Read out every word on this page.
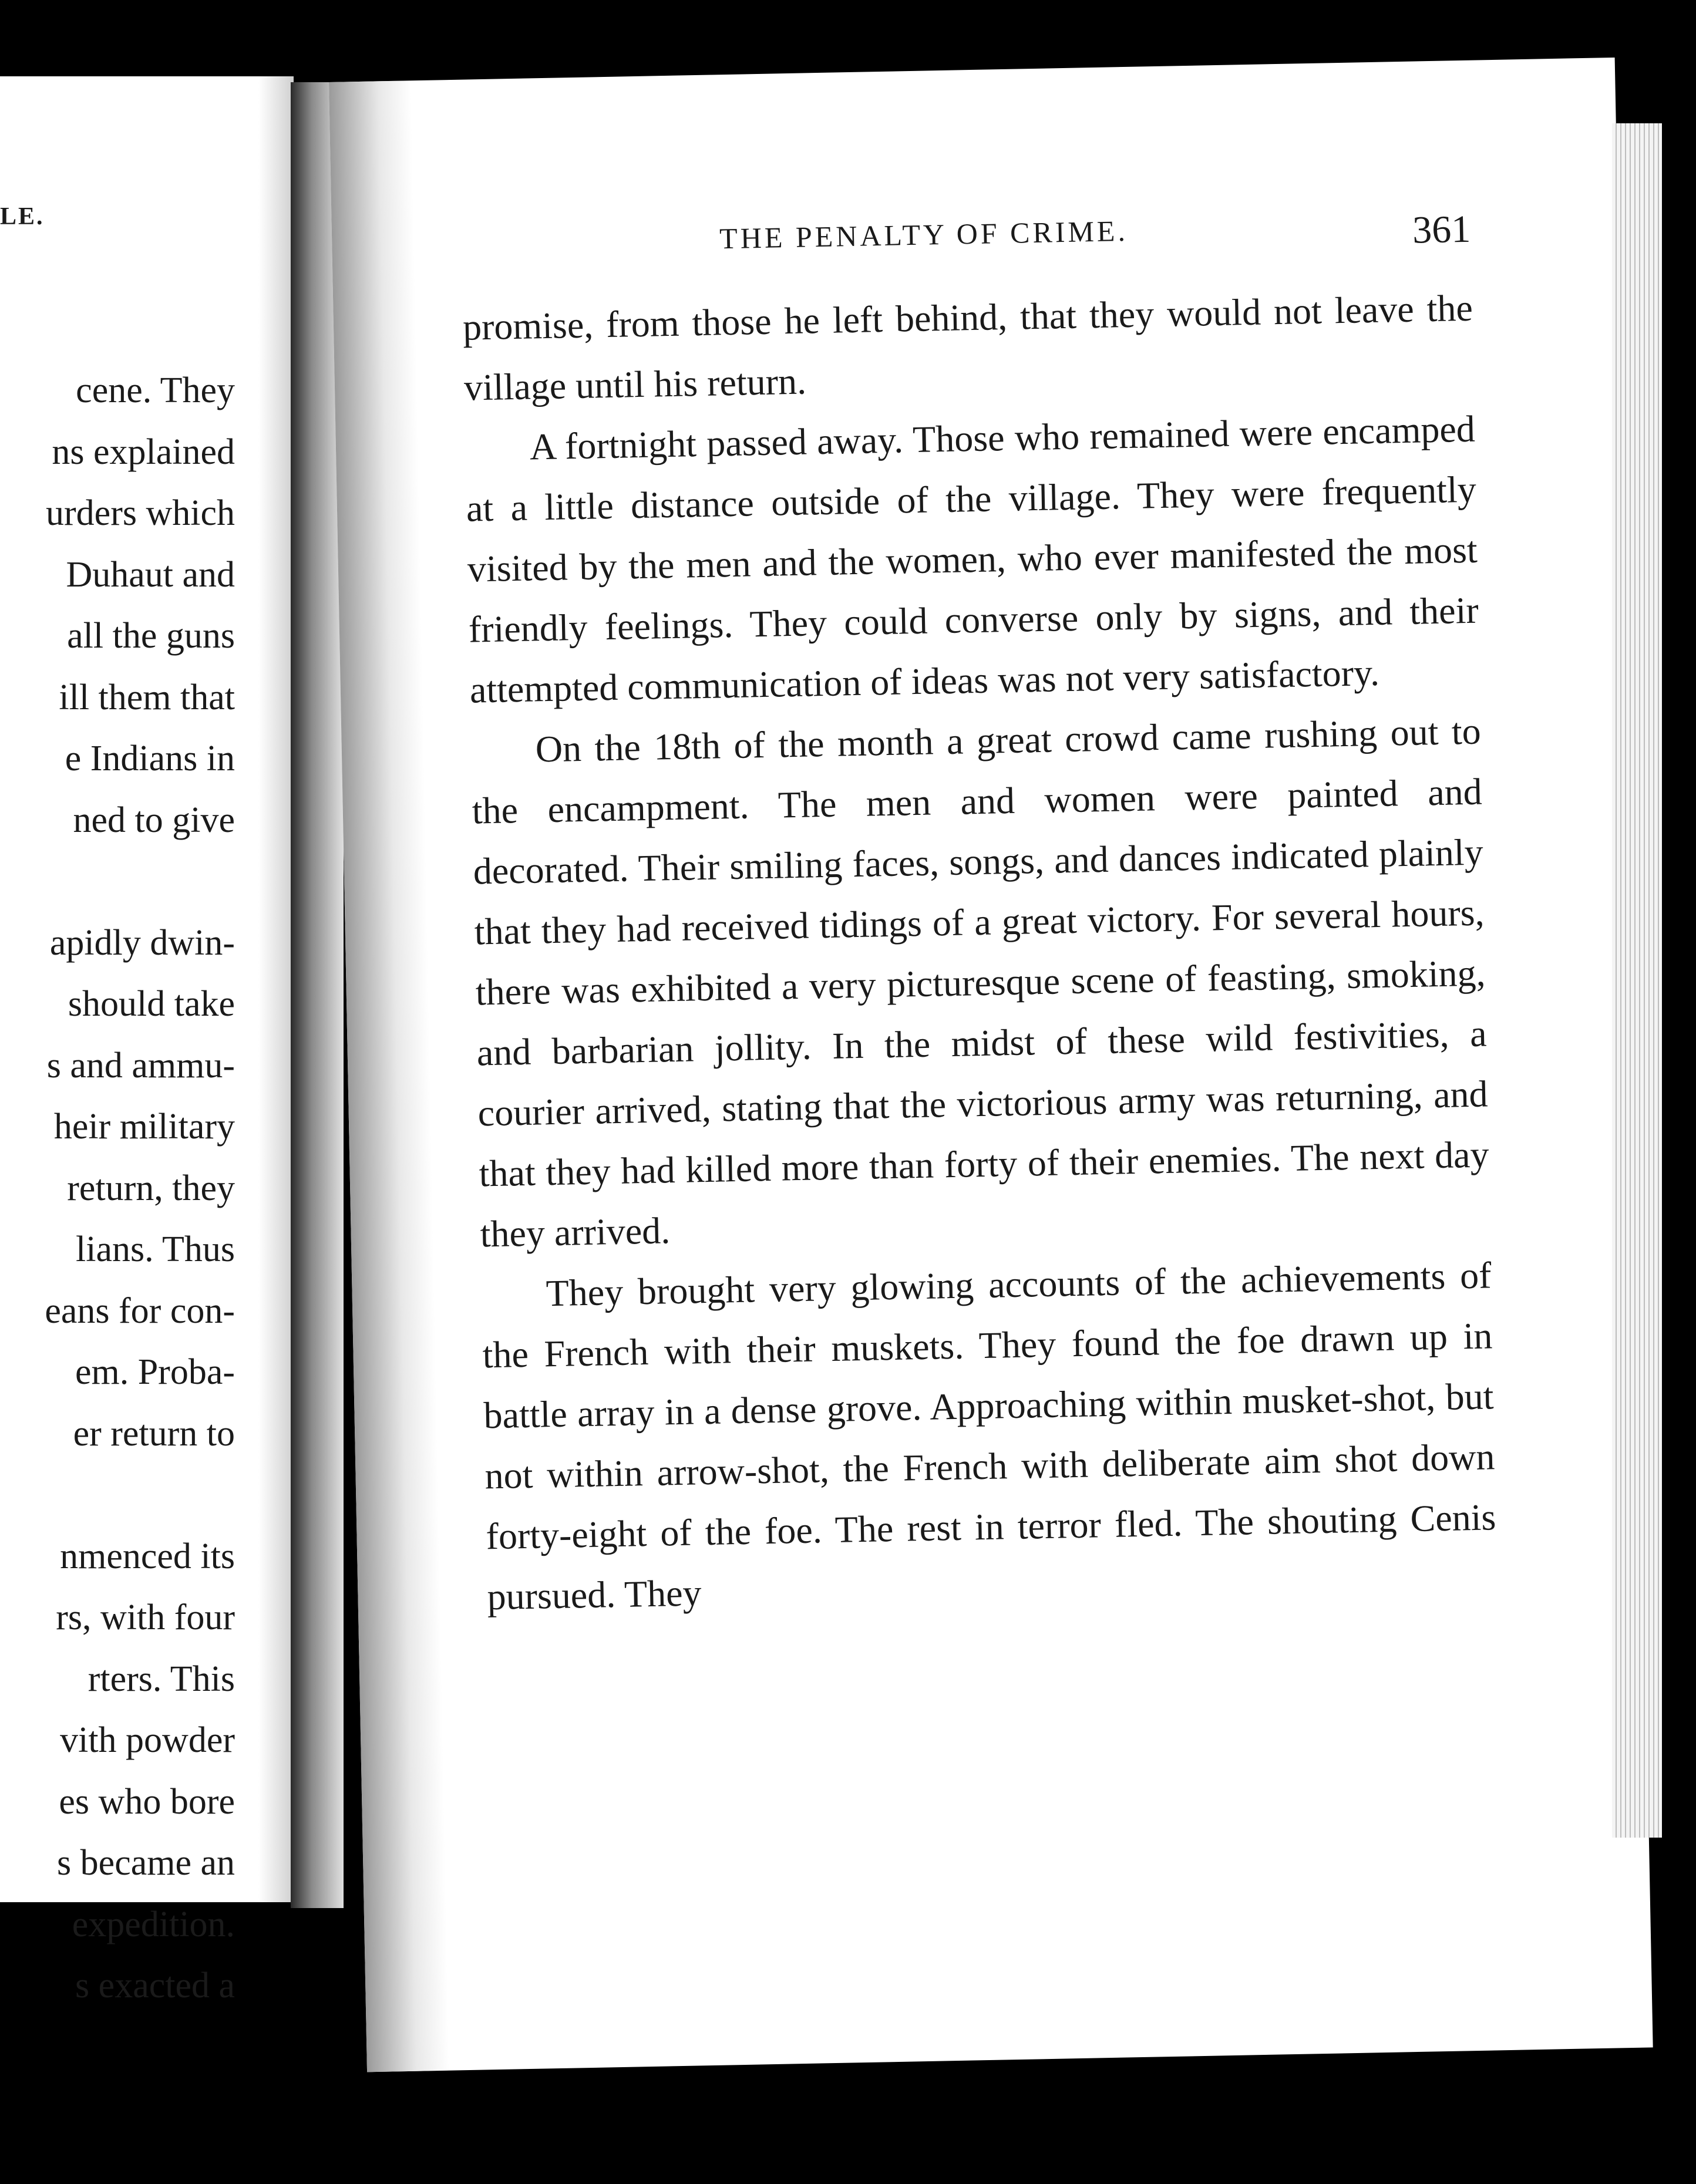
LE.
cene. They
ns explained
urders which
Duhaut and
all the guns
ill them that
e Indians in
ned to give
apidly dwin-
should take
s and ammu-
heir military
return, they
lians. Thus
eans for con-
em. Proba-
er return to
nmenced its
rs, with four
rters. This
vith powder
es who bore
s became an
expedition.
s exacted a
THE PENALTY OF CRIME.	361

promise, from those he left behind, that they would not leave the village until his return.

A fortnight passed away. Those who remained were encamped at a little distance outside of the village. They were frequently visited by the men and the women, who ever manifested the most friendly feelings. They could converse only by signs, and their attempted communication of ideas was not very satisfactory.

On the 18th of the month a great crowd came rushing out to the encampment. The men and women were painted and decorated. Their smiling faces, songs, and dances indicated plainly that they had received tidings of a great victory. For several hours, there was exhibited a very picturesque scene of feasting, smoking, and barbarian jollity. In the midst of these wild festivities, a courier arrived, stating that the victorious army was returning, and that they had killed more than forty of their enemies. The next day they arrived.

They brought very glowing accounts of the achievements of the French with their muskets. They found the foe drawn up in battle array in a dense grove. Approaching within musket-shot, but not within arrow-shot, the French with deliberate aim shot down forty-eight of the foe. The rest in terror fled. The shouting Cenis pursued. They
